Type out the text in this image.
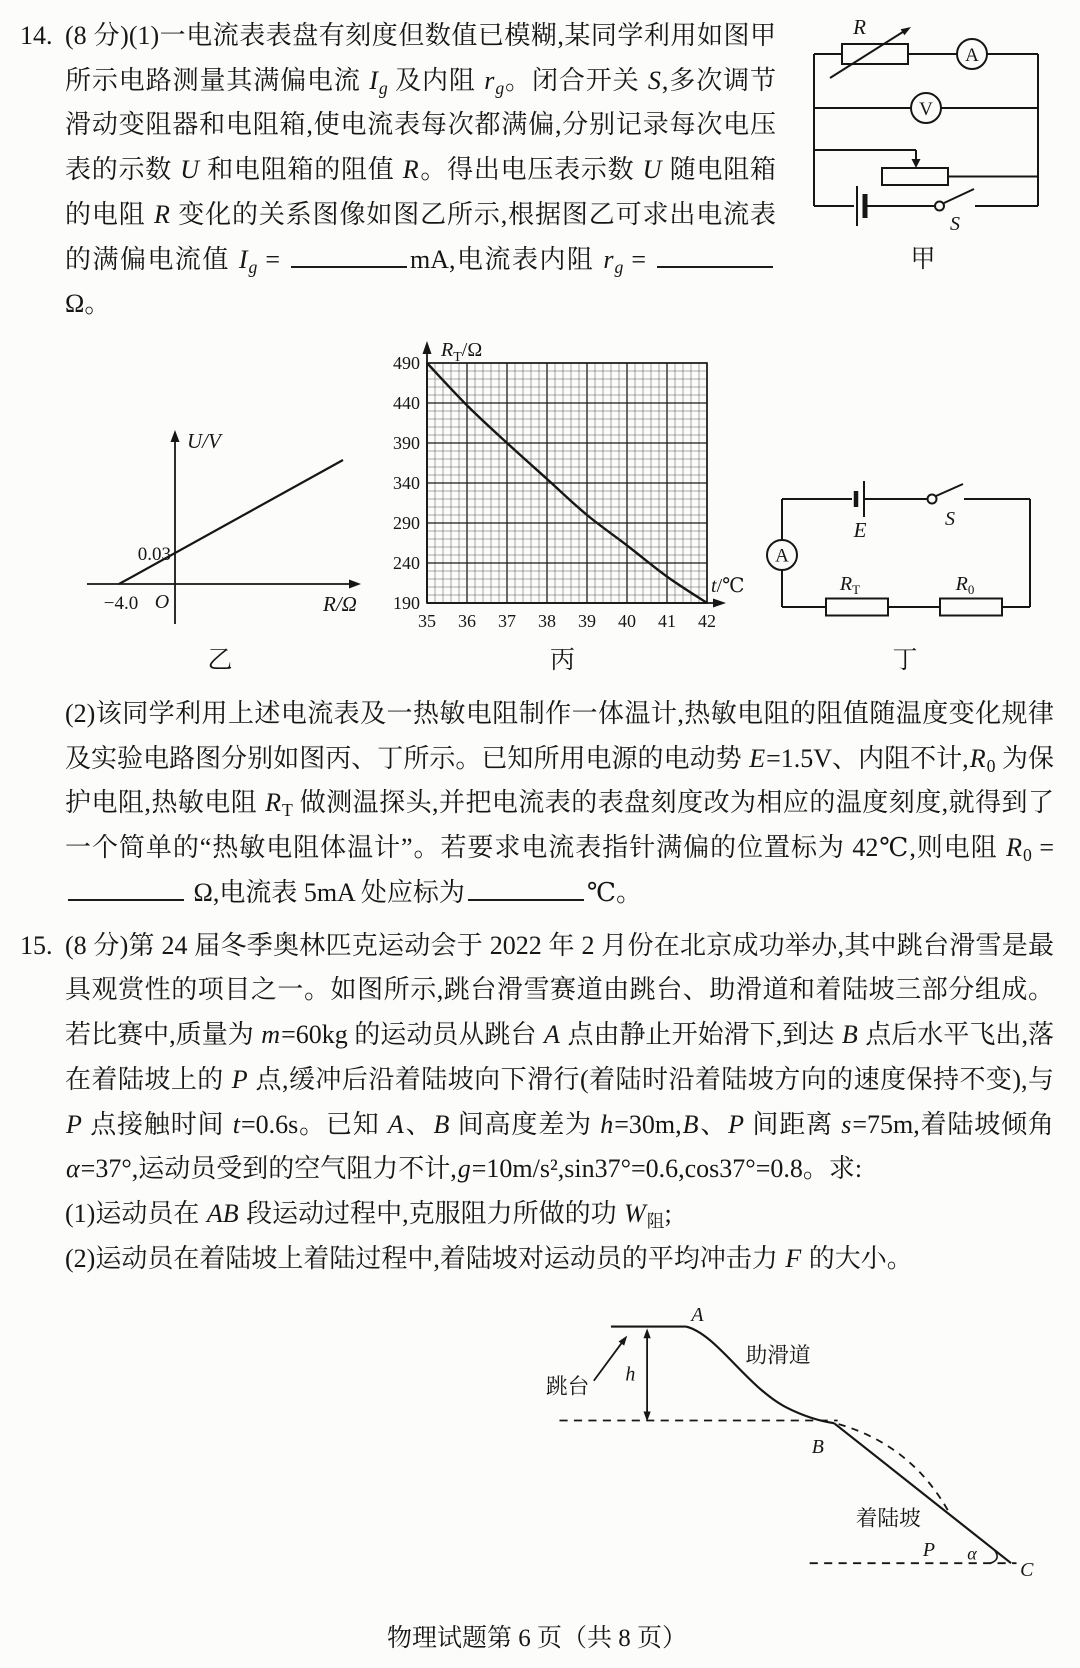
14.	R
A
V
S
甲

(8 分)(1)一电流表表盘有刻度但数值已模糊,某同学利用如图甲所示电路测量其满偏电流 Ig 及内阻 rg。闭合开关 S,多次调节滑动变阻器和电阻箱,使电流表每次都满偏,分别记录每次电压表的示数 U 和电阻箱的阻值 R。得出电压表示数 U 随电阻箱的电阻 R 变化的关系图像如图乙所示,根据图乙可求出电流表的满偏电流值 Ig =	mA,电流表内阻 rg =  Ω。

U/V
0.03
−4.0 O	R/Ω
乙
190
240
290
340
390
440
490
35 36 37 38 39 40 41 42
$R_T/\Omega$
t/℃
丙
E	S
A
$R_T$	$R_0$
丁

(2)该同学利用上述电流表及一热敏电阻制作一体温计,热敏电阻的阻值随温度变化规律及实验电路图分别如图丙、丁所示。已知所用电源的电动势 E=1.5V、内阻不计$,R_0$ 为保护电阻,热敏电阻 $R_T$ 做测温探头,并把电流表的表盘刻度改为相应的温度刻度,就得到了一个简单的“热敏电阻体温计”。若要求电流表指针满偏的位置标为 42℃,则电阻 $R_0 = \Omega$,电流表 5mA 处应标为	℃。

15. (8 分)第 24 届冬季奥林匹克运动会于 2022 年 2 月份在北京成功举办,其中跳台滑雪是最具观赏性的项目之一。如图所示,跳台滑雪赛道由跳台、助滑道和着陆坡三部分组成。若比赛中,质量为 m=60kg 的运动员从跳台 A 点由静止开始滑下,到达 B 点后水平飞出,落在着陆坡上的 P 点,缓冲后沿着陆坡向下滑行(着陆时沿着陆坡方向的速度保持不变),与 P 点接触时间 t=0.6s。已知 A、B 间高度差为 h=30m,B、P 间距离 s=75m,着陆坡倾角 α=37°,运动员受到的空气阻力不计,g=10m/s²,sin37°=0.6,cos37°=0.8。求:

(1)运动员在 AB 段运动过程中,克服阻力所做的功 $W_阻$;

(2)运动员在着陆坡上着陆过程中,着陆坡对运动员的平均冲击力 F 的大小。

跳台
A
助滑道
h
B
着陆坡
P α
C
物理试题第 6 页（共 8 页）
